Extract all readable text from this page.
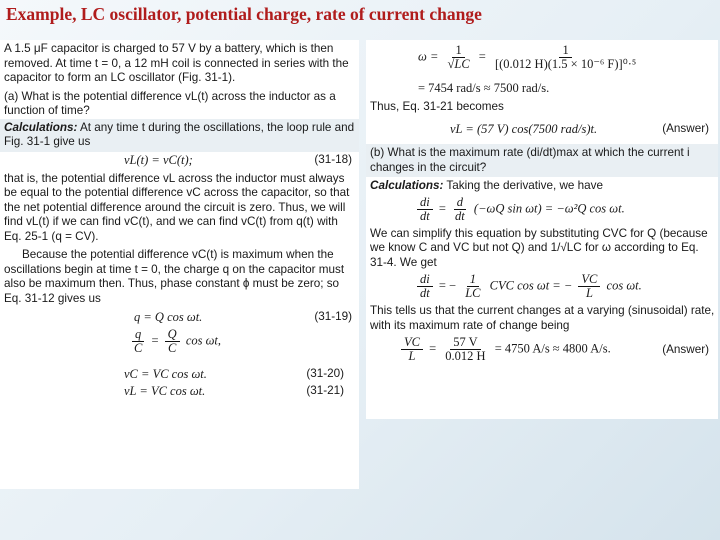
Example, LC oscillator, potential charge, rate of current change

A 1.5 μF capacitor is charged to 57 V by a battery, which is then removed. At time t = 0, a 12 mH coil is connected in series with the capacitor to form an LC oscillator (Fig. 31-1).

(a) What is the potential difference vL(t) across the inductor as a function of time?

Calculations: At any time t during the oscillations, the loop rule and Fig. 31-1 give us
vL(t) = vC(t);	(31-18)

that is, the potential difference vL across the inductor must always be equal to the potential difference vC across the capacitor, so that the net potential difference around the circuit is zero. Thus, we will find vL(t) if we can find vC(t), and we can find vC(t) from q(t) with Eq. 25-1 (q = CV).

Because the potential difference vC(t) is maximum when the oscillations begin at time t = 0, the charge q on the capacitor must also be maximum then. Thus, phase constant ϕ must be zero; so Eq. 31-12 gives us

q = Q cos ωt.	(31-19)
$\frac{q}{C} = \frac{Q}{C}$ cos ωt,
vC = VC cos ωt.	(31-20)
vL = VC cos ωt.	(31-21)
$\omega = \frac{1}{√LC} = \frac{1}{\text{[(0.012 H)(1.5 × 10⁻⁶ F)]⁰·⁵}}$
= 7454 rad/s ≈ 7500 rad/s.

Thus, Eq. 31-21 becomes

vL = (57 V) cos(7500 rad/s)t.	(Answer)
(b) What is the maximum rate (di/dt)max at which the current i changes in the circuit?

Calculations: Taking the derivative, we have

$\frac{di}{dt} = \frac{d}{dt} (-\omega Q$ sin ωt) = −ω²Q cos ωt.

We can simplify this equation by substituting CVC for Q (because we know C and VC but not Q) and 1/√LC for ω according to Eq. 31-4. We get

$\frac{di}{dt}$ = − $\frac{1}{LC}$ CVC cos ωt = − $\frac{VC}{L}$ cos ωt.

This tells us that the current changes at a varying (sinusoidal) rate, with its maximum rate of change being

$\frac{VC}{L} = \frac{57 V}{0.012 H} = 4750$ A/s ≈ 4800 A/s.	(Answer)
